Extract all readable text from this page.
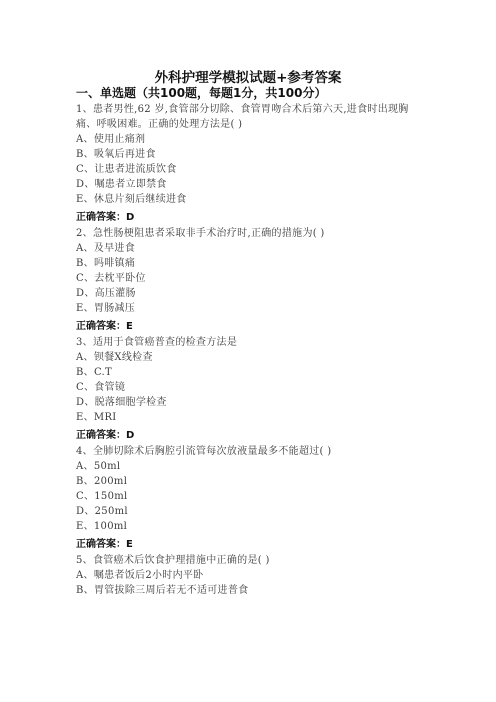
外科护理学模拟试题+参考答案
一、单选题（共100题，每题1分，共100分）
1、患者男性,62 岁,食管部分切除、食管胃吻合术后第六天,进食时出现胸痛、呼吸困难。正确的处理方法是( )
A、使用止痛剂
B、吸氧后再进食
C、让患者进流质饮食
D、嘱患者立即禁食
E、休息片刻后继续进食
正确答案：D
2、急性肠梗阻患者采取非手术治疗时,正确的措施为( )
A、及早进食
B、吗啡镇痛
C、去枕平卧位
D、高压灌肠
E、胃肠减压
正确答案：E
3、适用于食管癌普查的检查方法是
A、钡餐X线检查
B、C.T
C、食管镜
D、脱落细胞学检查
E、MRI
正确答案：D
4、全肺切除术后胸腔引流管每次放液量最多不能超过( )
A、50ml
B、200ml
C、150ml
D、250ml
E、100ml
正确答案：E
5、食管癌术后饮食护理措施中正确的是( )
A、嘱患者饭后2小时内平卧
B、胃管拔除三周后若无不适可进普食
